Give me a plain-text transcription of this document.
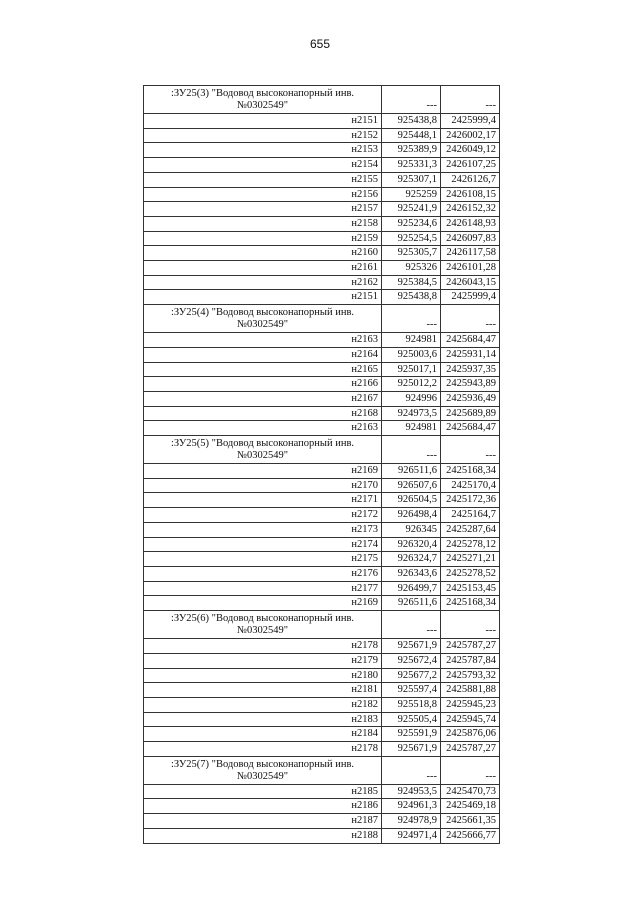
655
:ЗУ25(3) "Водовод высоконапорный инв.
№0302549"	---	---
н2151	925438,8	2425999,4
н2152	925448,1	2426002,17
н2153	925389,9	2426049,12
н2154	925331,3	2426107,25
н2155	925307,1	2426126,7
н2156	925259	2426108,15
н2157	925241,9	2426152,32
н2158	925234,6	2426148,93
н2159	925254,5	2426097,83
н2160	925305,7	2426117,58
н2161	925326	2426101,28
н2162	925384,5	2426043,15
н2151	925438,8	2425999,4

:ЗУ25(4) "Водовод высоконапорный инв.
№0302549"	---	---
н2163	924981	2425684,47
н2164	925003,6	2425931,14
н2165	925017,1	2425937,35
н2166	925012,2	2425943,89
н2167	924996	2425936,49
н2168	924973,5	2425689,89
н2163	924981	2425684,47

:ЗУ25(5) "Водовод высоконапорный инв.
№0302549"	---	---
н2169	926511,6	2425168,34
н2170	926507,6	2425170,4
н2171	926504,5	2425172,36
н2172	926498,4	2425164,7
н2173	926345	2425287,64
н2174	926320,4	2425278,12
н2175	926324,7	2425271,21
н2176	926343,6	2425278,52
н2177	926499,7	2425153,45
н2169	926511,6	2425168,34

:ЗУ25(6) "Водовод высоконапорный инв.
№0302549"	---	---
н2178	925671,9	2425787,27
н2179	925672,4	2425787,84
н2180	925677,2	2425793,32
н2181	925597,4	2425881,88
н2182	925518,8	2425945,23
н2183	925505,4	2425945,74
н2184	925591,9	2425876,06
н2178	925671,9	2425787,27

:ЗУ25(7) "Водовод высоконапорный инв.
№0302549"	---	---
н2185	924953,5	2425470,73
н2186	924961,3	2425469,18
н2187	924978,9	2425661,35
н2188	924971,4	2425666,77
